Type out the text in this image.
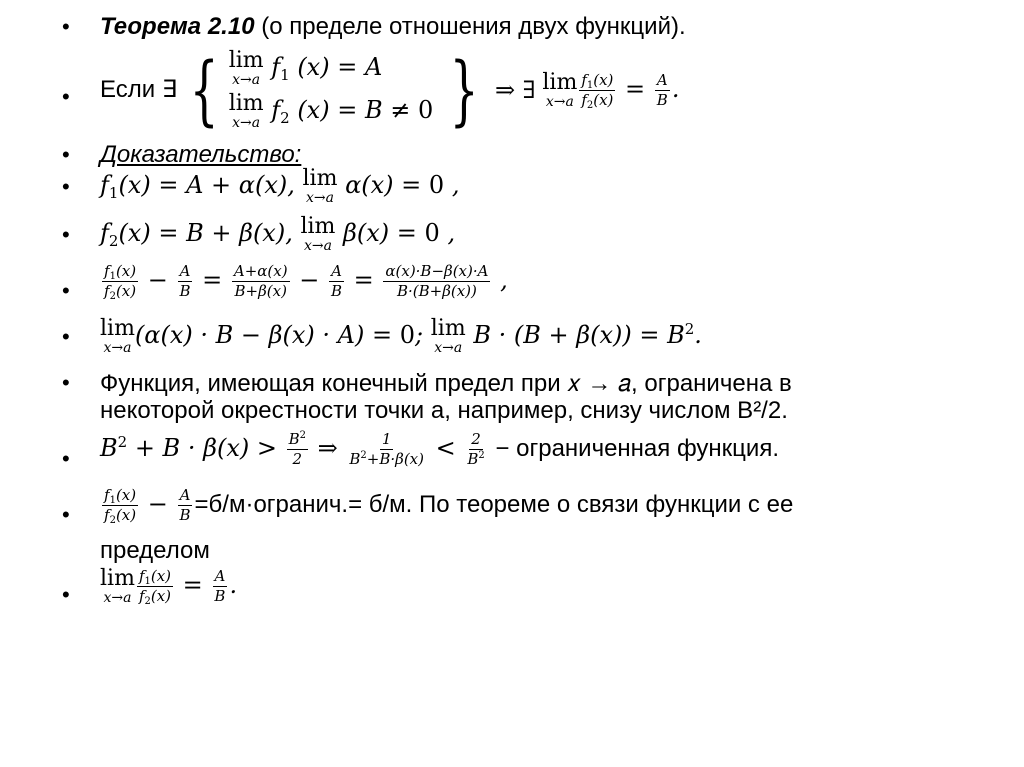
• Теорема 2.10 (о пределе отношения двух функций).
• Если ∃ { lim
x→a $f_1$ (x) = A
lim
x→a $f_2$ (x) = B ≠ 0 } ⇒ ∃ lim
$x\to a \frac{f_1(x)}{f_2(x)} = \frac{A}{B}$ .
• Доказательство:
• $f_1(x) = A + \alpha(x)$, lim
x→a α(x) = 0 ,
• $f_2(x) = B + \beta(x)$, lim
x→a β(x) = 0 ,
• $\frac{f_1(x)}{f_2(x)} - \frac{A}{B} = \frac{A+\alpha(x)}{B+\beta(x)} - \frac{A}{B} = \frac{\alpha(x)\cdot B-\beta(x)\cdot A}{B\cdot(B+\beta(x))}$ ,
• lim
x→a (α(x) · B − β(x) · A) = 0; lim
x→a $B \cdot (B + \beta(x)) = B^2$.
• Функция, имеющая конечный предел при 𝑥 → 𝑎, ограничена в
некоторой окрестности точки a, например, снизу числом B²/2.
• $B^2 + B \cdot \beta(x) > \frac{B^2}{2}$ ⇒ $\frac{1}{B^2+B\cdot\beta(x)} < \frac{2}{B^2}$ − ограниченная функция.
• $\frac{f_1(x)}{f_2(x)} - \frac{A}{B}$ =б/м·огранич.= б/м. По теореме о связи функции с ее
пределом
•
lim
$x\to a \frac{f_1(x)}{f_2(x)} = \frac{A}{B}$ .
